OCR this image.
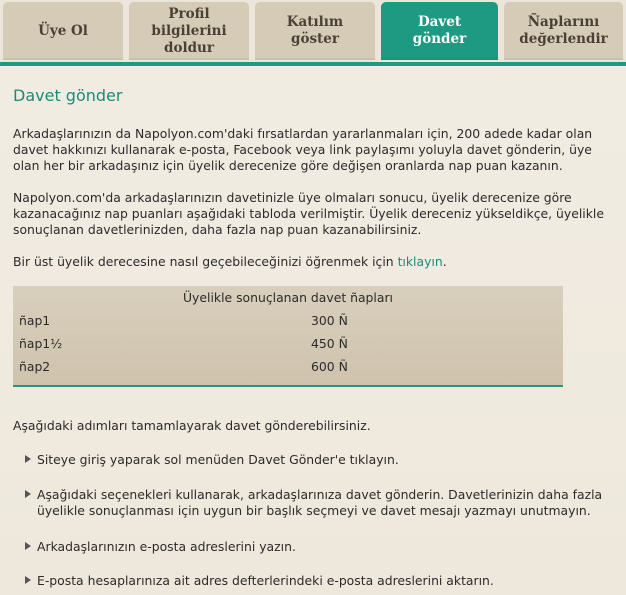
Üye Ol
Profil
bilgilerini
doldur
Katılım
göster
Davet
gönder
Ñaplarını
değerlendir
Davet gönder

Arkadaşlarınızın da Napolyon.com'daki fırsatlardan yararlanmaları için, 200 adede kadar olan davet hakkınızı kullanarak e-posta, Facebook veya link paylaşımı yoluyla davet gönderin, üye olan her bir arkadaşınız için üyelik derecenize göre değişen oranlarda nap puan kazanın.

Napolyon.com'da arkadaşlarınızın davetinizle üye olmaları sonucu, üyelik derecenize göre kazanacağınız nap puanları aşağıdaki tabloda verilmiştir. Üyelik dereceniz yükseldikçe, üyelikle sonuçlanan davetlerinizden, daha fazla nap puan kazanabilirsiniz.

Bir üst üyelik derecesine nasıl geçebileceğinizi öğrenmek için tıklayın.

Üyelikle sonuçlanan davet ñapları
ñap1	300 Ñ
ñap1½	450 Ñ
ñap2	600 Ñ

Aşağıdaki adımları tamamlayarak davet gönderebilirsiniz.

Siteye giriş yaparak sol menüden Davet Gönder'e tıklayın.
Aşağıdaki seçenekleri kullanarak, arkadaşlarınıza davet gönderin. Davetlerinizin daha fazla üyelikle sonuçlanması için uygun bir başlık seçmeyi ve davet mesajı yazmayı unutmayın.
Arkadaşlarınızın e-posta adreslerini yazın.
E-posta hesaplarınıza ait adres defterlerindeki e-posta adreslerini aktarın.
